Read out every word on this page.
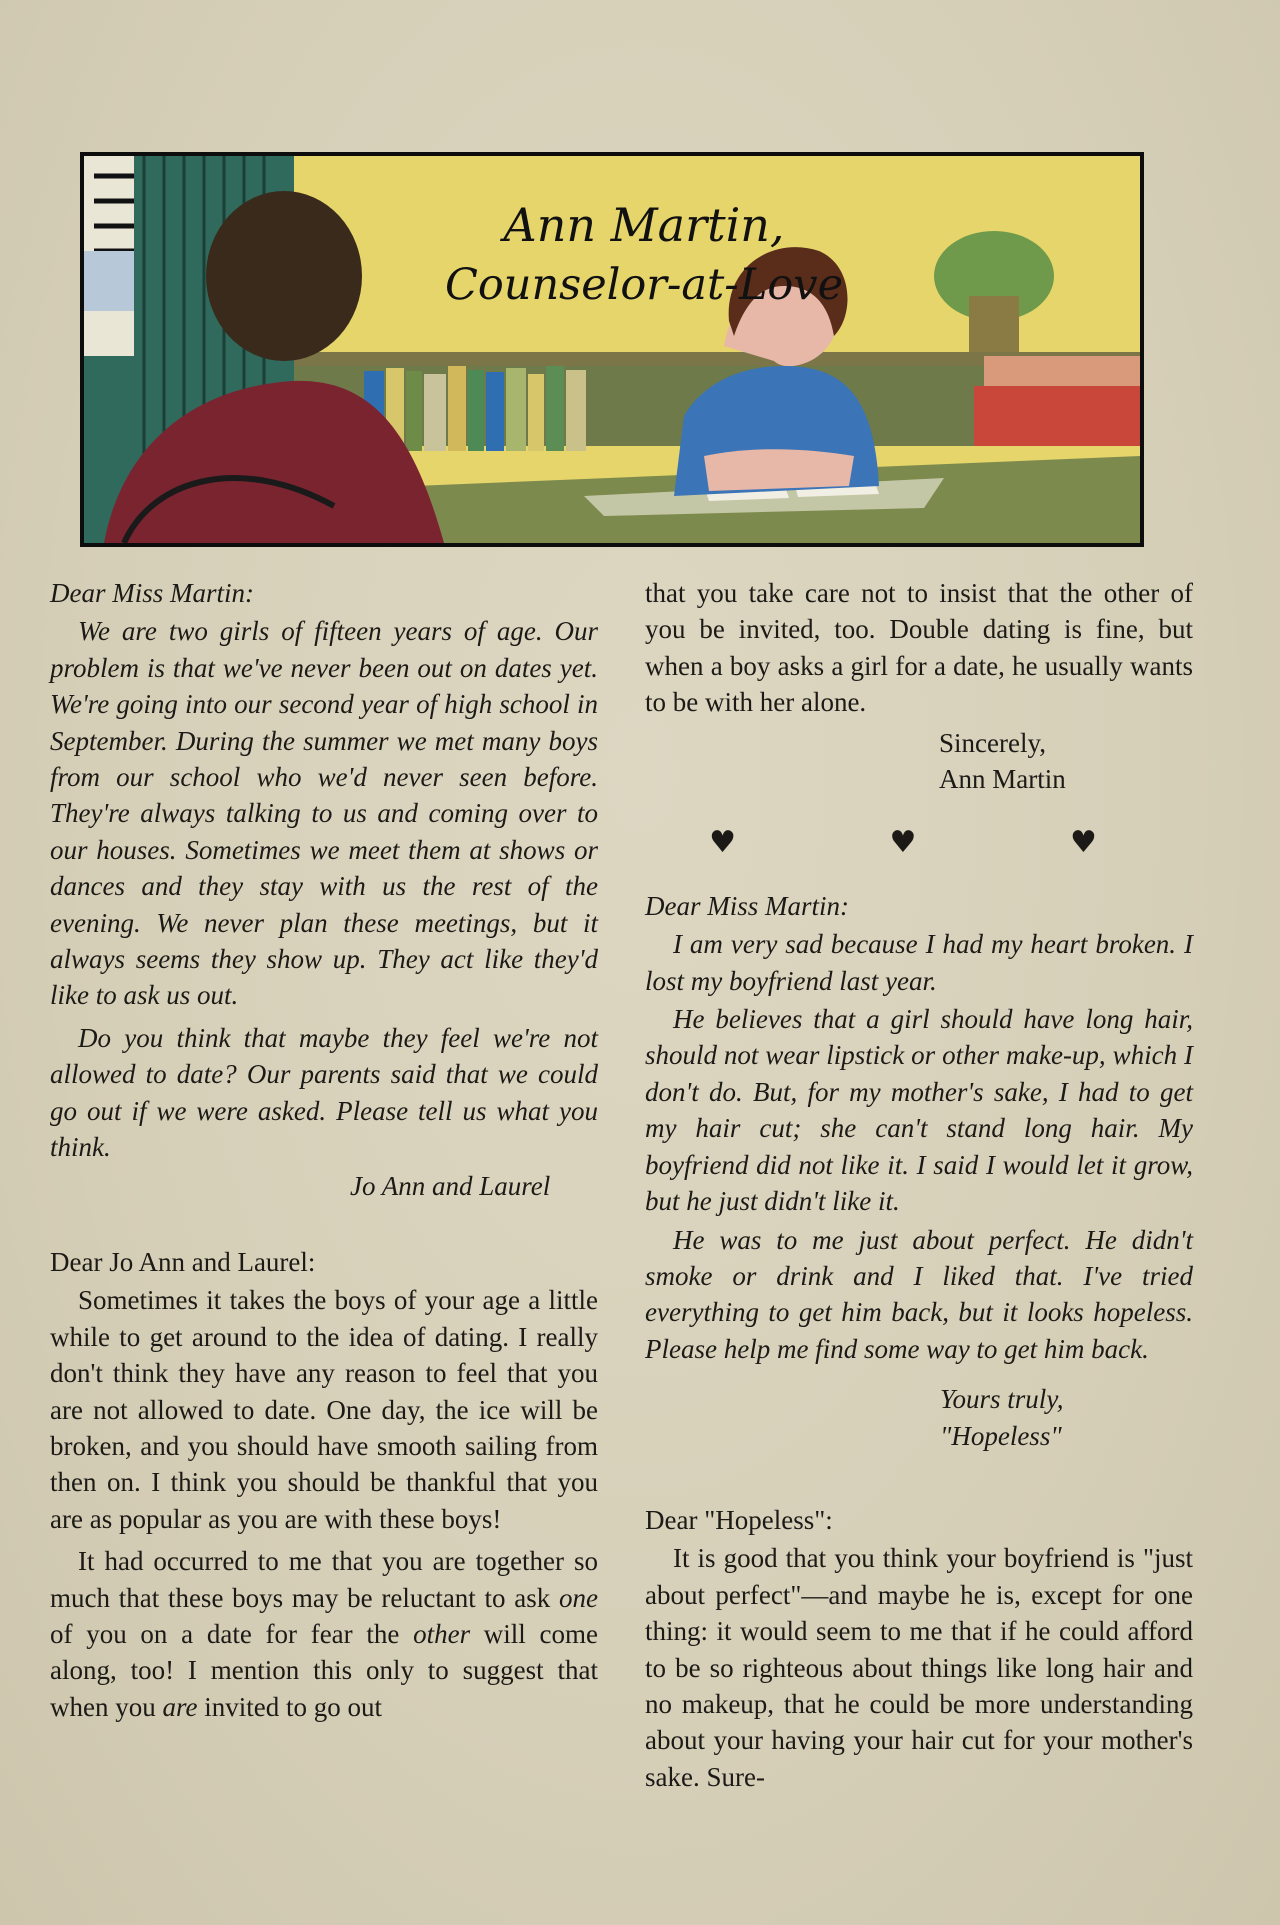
Ann Martin,
Counselor-at-Love

Dear Miss Martin:

We are two girls of fifteen years of age. Our problem is that we've never been out on dates yet. We're going into our second year of high school in September. During the summer we met many boys from our school who we'd never seen before. They're always talking to us and coming over to our houses. Sometimes we meet them at shows or dances and they stay with us the rest of the evening. We never plan these meetings, but it always seems they show up. They act like they'd like to ask us out.

Do you think that maybe they feel we're not allowed to date? Our parents said that we could go out if we were asked. Please tell us what you think.

Jo Ann and Laurel

Dear Jo Ann and Laurel:

Sometimes it takes the boys of your age a little while to get around to the idea of dating. I really don't think they have any reason to feel that you are not allowed to date. One day, the ice will be broken, and you should have smooth sailing from then on. I think you should be thankful that you are as popular as you are with these boys!

It had occurred to me that you are together so much that these boys may be reluctant to ask one of you on a date for fear the other will come along, too! I mention this only to suggest that when you are invited to go out

that you take care not to insist that the other of you be invited, too. Double dating is fine, but when a boy asks a girl for a date, he usually wants to be with her alone.

Sincerely,

Ann Martin

♥ ♥ ♥

Dear Miss Martin:

I am very sad because I had my heart broken. I lost my boyfriend last year.

He believes that a girl should have long hair, should not wear lipstick or other make-up, which I don't do. But, for my mother's sake, I had to get my hair cut; she can't stand long hair. My boyfriend did not like it. I said I would let it grow, but he just didn't like it.

He was to me just about perfect. He didn't smoke or drink and I liked that. I've tried everything to get him back, but it looks hopeless. Please help me find some way to get him back.

Yours truly,

"Hopeless"

Dear "Hopeless":

It is good that you think your boyfriend is "just about perfect"—and maybe he is, except for one thing: it would seem to me that if he could afford to be so righteous about things like long hair and no makeup, that he could be more understanding about your having your hair cut for your mother's sake. Sure-
